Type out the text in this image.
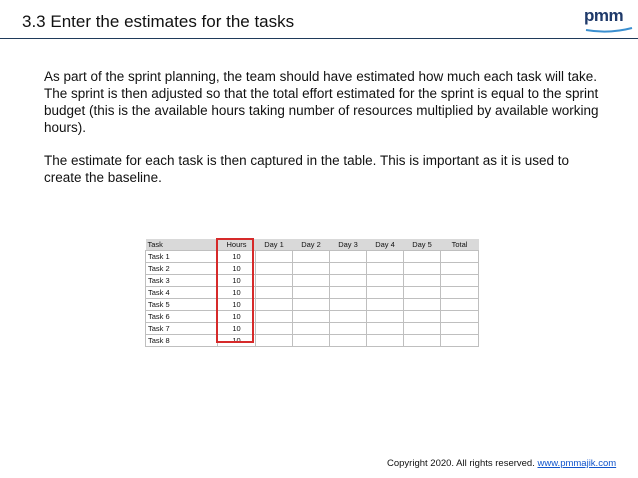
3.3 Enter the estimates for the tasks	pmm

As part of the sprint planning, the team should have estimated how much each task will take. The sprint is then adjusted so that the total effort estimated for the sprint is equal to the sprint budget (this is the available hours taking number of resources multiplied by available working hours).

The estimate for each task is then captured in the table. This is important as it is used to create the baseline.

Task	Hours	Day 1	Day 2	Day 3	Day 4	Day 5	Total
Task 1	10						
Task 2	10						
Task 3	10						
Task 4	10						
Task 5	10						
Task 6	10						
Task 7	10						
Task 8	10						
Copyright 2020. All rights reserved. www.pmmajik.com
